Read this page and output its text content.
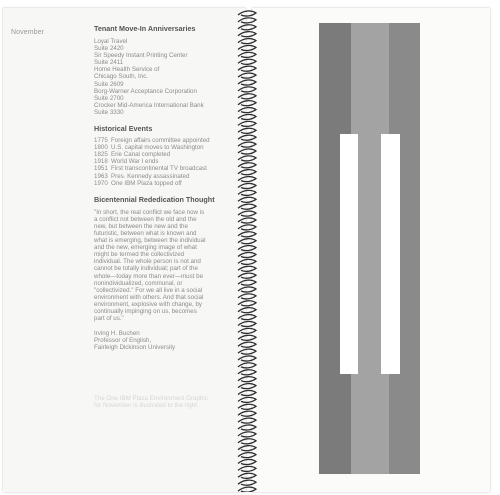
November	Tenant Move-In Anniversaries
Loyal Travel
Suite 2420
Sir Speedy Instant Printing Center
Suite 2411
Home Health Service of
Chicago South, Inc.
Suite 2609
Borg-Warner Acceptance Corporation
Suite 2700
Crocker Mid-America International Bank
Suite 3330
Historical Events
1775 Foreign affairs committee appointed
1800 U.S. capital moves to Washington
1825 Erie Canal completed
1918 World War I ends
1951 First transcontinental TV broadcast
1963 Pres. Kennedy assassinated
1970 One IBM Plaza topped off
Bicentennial Rededication Thought
"In short, the real conflict we face now is
a conflict not between the old and the
new, but between the new and the
futuristic, between what is known and
what is emerging, between the individual
and the new, emerging image of what
might be termed the collectivized
individual. The whole person is not and
cannot be totally individual; part of the
whole—today more than ever—must be
nonindividualized, communal, or
"collectivized." For we all live in a social
environment with others. And that social
environment, explosive with change, by
continually impinging on us, becomes
part of us."
Irving H. Buchen
Professor of English,
Fairleigh Dickinson University
The One IBM Plaza Environment Graphic
for November is illustrated to the right.
